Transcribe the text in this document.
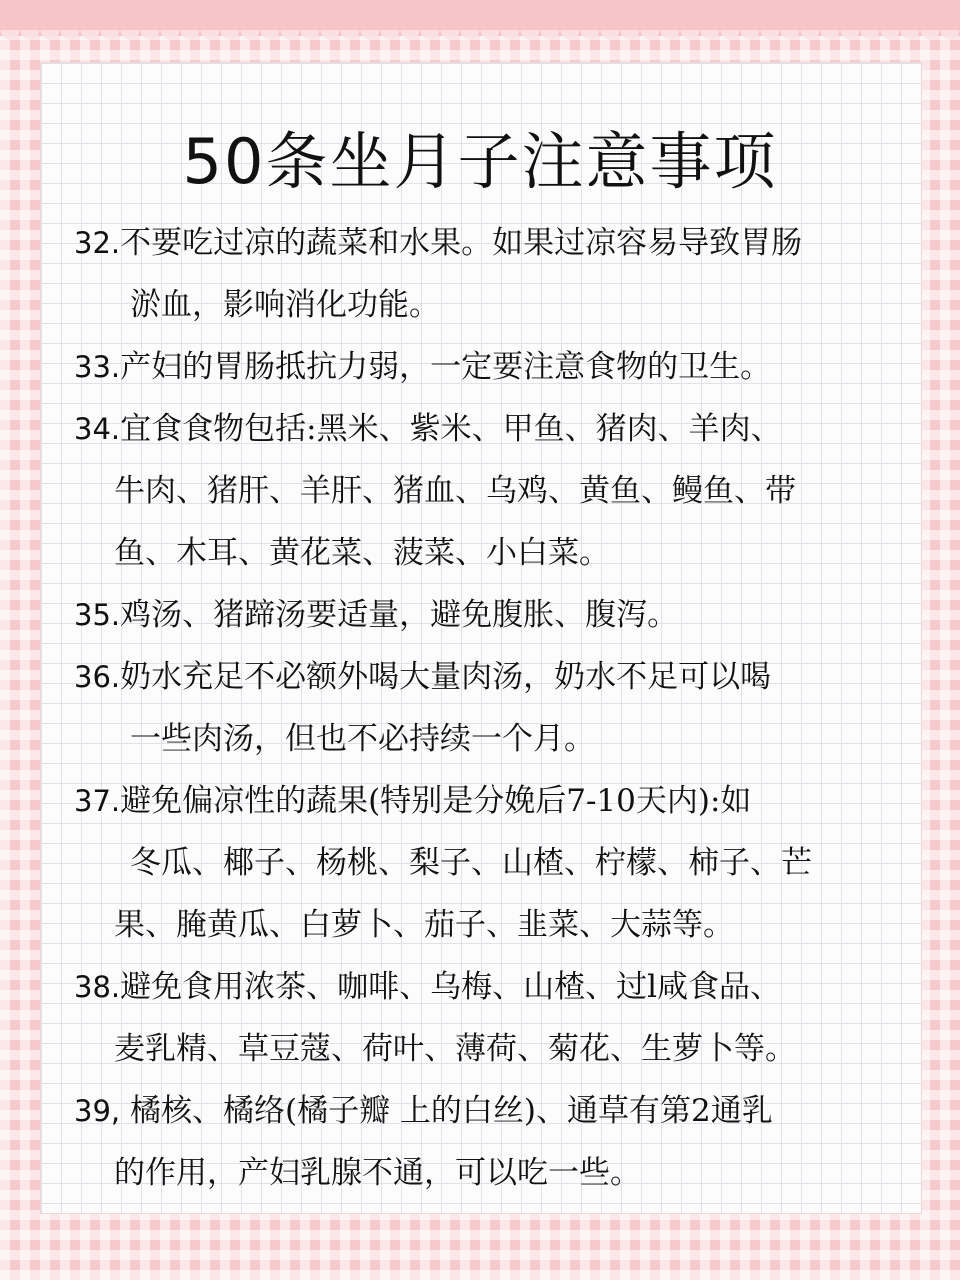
50条坐月子注意事项
32.不要吃过凉的蔬菜和水果。如果过凉容易导致胃肠
淤血，影响消化功能。
33.产妇的胃肠抵抗力弱，一定要注意食物的卫生。
34.宜食食物包括:黑米、紫米、甲鱼、猪肉、羊肉、
牛肉、猪肝、羊肝、猪血、乌鸡、黄鱼、鳗鱼、带
鱼、木耳、黄花菜、菠菜、小白菜。
35.鸡汤、猪蹄汤要适量，避免腹胀、腹泻。
36.奶水充足不必额外喝大量肉汤，奶水不足可以喝
一些肉汤，但也不必持续一个月。
37.避免偏凉性的蔬果(特别是分娩后7-10天内):如
冬瓜、椰子、杨桃、梨子、山楂、柠檬、柿子、芒
果、腌黄瓜、白萝卜、茄子、韭菜、大蒜等。
38.避免食用浓茶、咖啡、乌梅、山楂、过l咸食品、
麦乳精、草豆蔻、荷叶、薄荷、菊花、生萝卜等。
39, 橘核、橘络(橘子瓣 上的白丝)、通草有第2通乳
的作用，产妇乳腺不通，可以吃一些。
